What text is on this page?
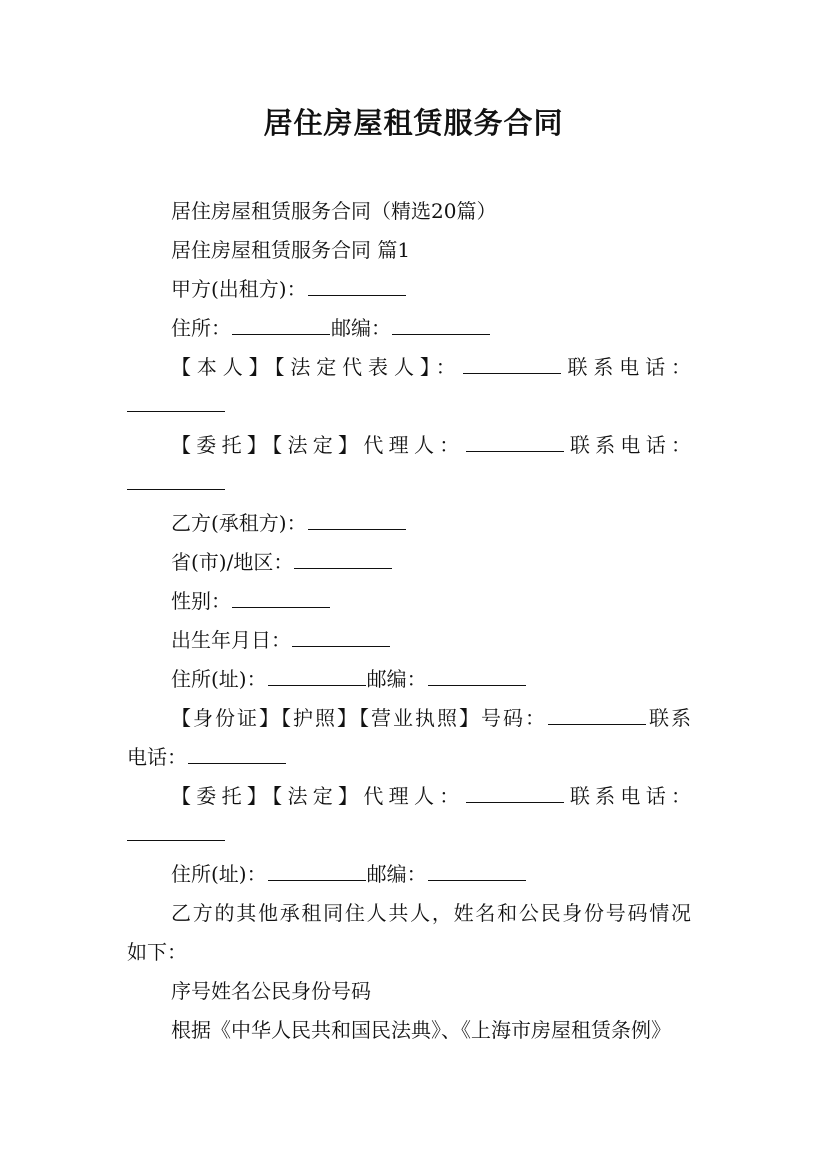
居住房屋租赁服务合同
居住房屋租赁服务合同（精选20篇）
居住房屋租赁服务合同 篇1
甲方(出租方)：
住所：	邮编：
【本人】【法定代表人】：	联系电话：
【委托】【法定】代理人：	联系电话：
乙方(承租方)：
省(市)/地区：
性别：
出生年月日：
住所(址)：	邮编：
【身份证】【护照】【营业执照】号码：	联系
电话：
【委托】【法定】代理人：	联系电话：
住所(址)：	邮编：
乙方的其他承租同住人共人，姓名和公民身份号码情况
如下：
序号姓名公民身份号码
根据《中华人民共和国民法典》、《上海市房屋租赁条例》
